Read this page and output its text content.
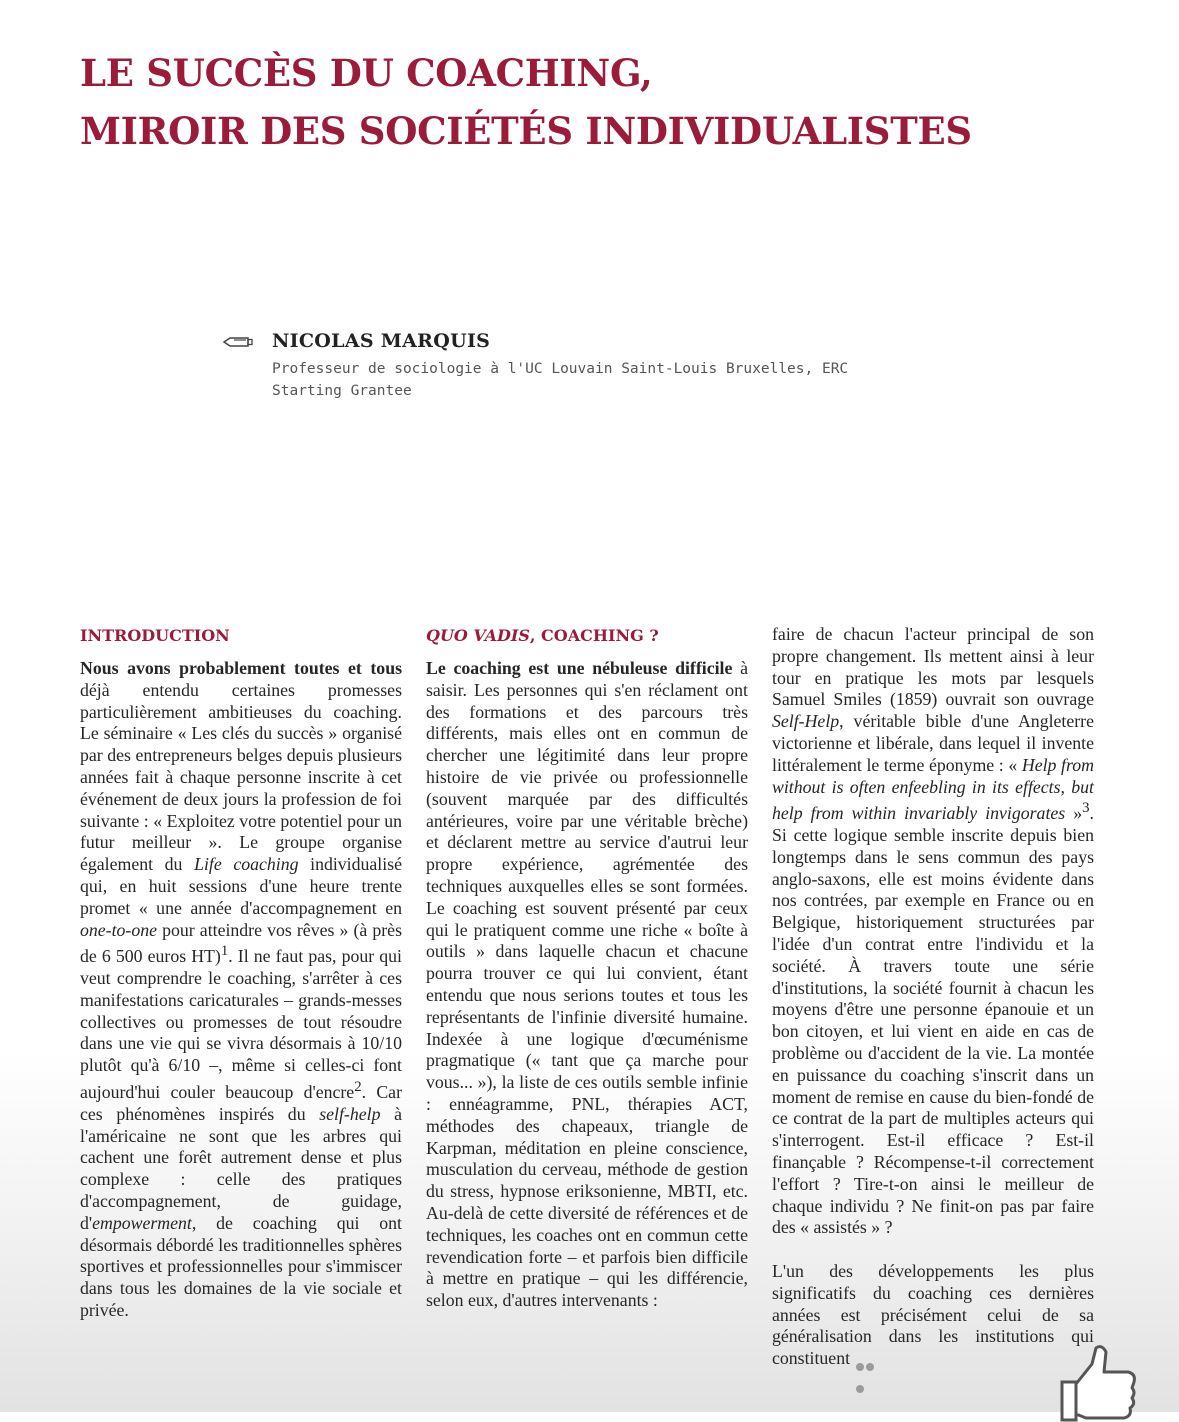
LE SUCCÈS DU COACHING,
MIROIR DES SOCIÉTÉS INDIVIDUALISTES
NICOLAS MARQUIS
Professeur de sociologie à l'UC Louvain Saint-Louis Bruxelles, ERC Starting Grantee
INTRODUCTION

Nous avons probablement toutes et tous déjà entendu certaines promesses particulièrement ambitieuses du coaching. Le séminaire « Les clés du succès » organisé par des entrepreneurs belges depuis plusieurs années fait à chaque personne inscrite à cet événement de deux jours la profession de foi suivante : « Exploitez votre potentiel pour un futur meilleur ». Le groupe organise également du Life coaching individualisé qui, en huit sessions d'une heure trente promet « une année d'accompagnement en one-to-one pour atteindre vos rêves » (à près de 6 500 euros HT)$^1$. Il ne faut pas, pour qui veut comprendre le coaching, s'arrêter à ces manifestations caricaturales – grands-messes collectives ou promesses de tout résoudre dans une vie qui se vivra désormais à 10/10 plutôt qu'à 6/10 –, même si celles-ci font aujourd'hui couler beaucoup d'encre$^2$. Car ces phénomènes inspirés du self-help à l'américaine ne sont que les arbres qui cachent une forêt autrement dense et plus complexe : celle des pratiques d'accompagnement, de guidage, d'empowerment, de coaching qui ont désormais débordé les traditionnelles sphères sportives et professionnelles pour s'immiscer dans tous les domaines de la vie sociale et privée.

QUO VADIS, COACHING ?

Le coaching est une nébuleuse difficile à saisir. Les personnes qui s'en réclament ont des formations et des parcours très différents, mais elles ont en commun de chercher une légitimité dans leur propre histoire de vie privée ou professionnelle (souvent marquée par des difficultés antérieures, voire par une véritable brèche) et déclarent mettre au service d'autrui leur propre expérience, agrémentée des techniques auxquelles elles se sont formées. Le coaching est souvent présenté par ceux qui le pratiquent comme une riche « boîte à outils » dans laquelle chacun et chacune pourra trouver ce qui lui convient, étant entendu que nous serions toutes et tous les représentants de l'infinie diversité humaine. Indexée à une logique d'œcuménisme pragmatique (« tant que ça marche pour vous... »), la liste de ces outils semble infinie : ennéagramme, PNL, thérapies ACT, méthodes des chapeaux, triangle de Karpman, méditation en pleine conscience, musculation du cerveau, méthode de gestion du stress, hypnose eriksonienne, MBTI, etc. Au-delà de cette diversité de références et de techniques, les coaches ont en commun cette revendication forte – et parfois bien difficile à mettre en pratique – qui les différencie, selon eux, d'autres intervenants :

faire de chacun l'acteur principal de son propre changement. Ils mettent ainsi à leur tour en pratique les mots par lesquels Samuel Smiles (1859) ouvrait son ouvrage Self-Help, véritable bible d'une Angleterre victorienne et libérale, dans lequel il invente littéralement le terme éponyme : « Help from without is often enfeebling in its effects, but help from within invariably invigorates »$^3$. Si cette logique semble inscrite depuis bien longtemps dans le sens commun des pays anglo-saxons, elle est moins évidente dans nos contrées, par exemple en France ou en Belgique, historiquement structurées par l'idée d'un contrat entre l'individu et la société. À travers toute une série d'institutions, la société fournit à chacun les moyens d'être une personne épanouie et un bon citoyen, et lui vient en aide en cas de problème ou d'accident de la vie. La montée en puissance du coaching s'inscrit dans un moment de remise en cause du bien-fondé de ce contrat de la part de multiples acteurs qui s'interrogent. Est-il efficace ? Est-il finançable ? Récompense-t-il correctement l'effort ? Tire-t-on ainsi le meilleur de chaque individu ? Ne finit-on pas par faire des « assistés » ?

L'un des développements les plus significatifs du coaching ces dernières années est précisément celui de sa généralisation dans les institutions qui constituent
